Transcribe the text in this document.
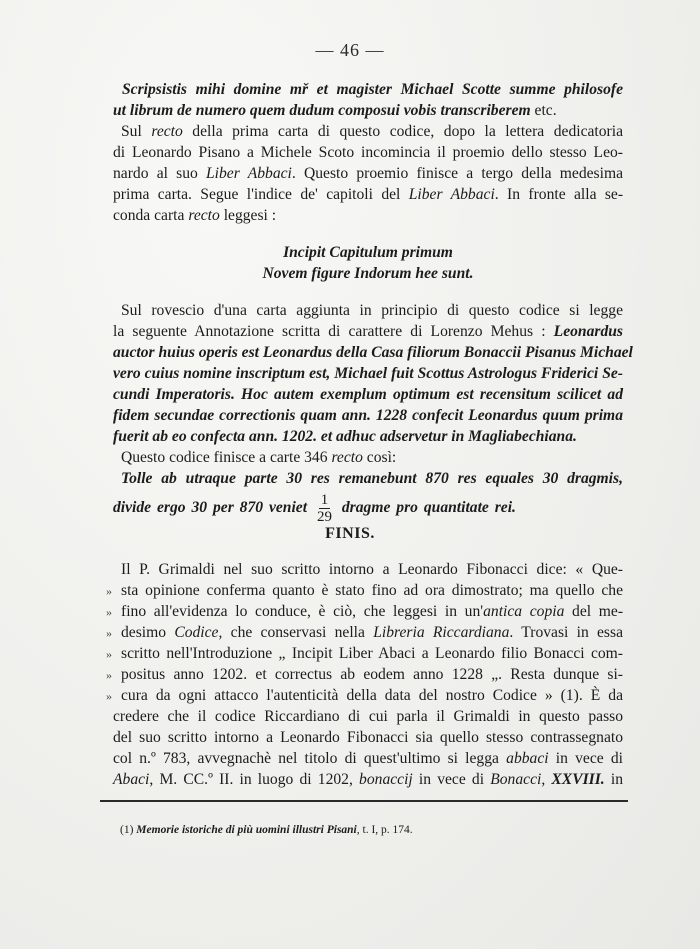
— 46 —
Scripsistis mihi domine mř et magister Michael Scotte summe philosofe
ut librum de numero quem dudum composui vobis transcriberem etc.
Sul recto della prima carta di questo codice, dopo la lettera dedicatoria
di Leonardo Pisano a Michele Scoto incomincia il proemio dello stesso Leo-
nardo al suo Liber Abbaci. Questo proemio finisce a tergo della medesima
prima carta. Segue l'indice de' capitoli del Liber Abbaci. In fronte alla se-
conda carta recto leggesi :
Incipit Capitulum primum
Novem figure Indorum hee sunt.
Sul rovescio d'una carta aggiunta in principio di questo codice si legge
la seguente Annotazione scritta di carattere di Lorenzo Mehus : Leonardus
auctor huius operis est Leonardus della Casa filiorum Bonaccii Pisanus Michael
vero cuius nomine inscriptum est, Michael fuit Scottus Astrologus Friderici Se-
cundi Imperatoris. Hoc autem exemplum optimum est recensitum scilicet ad
fidem secundae correctionis quam ann. 1228 confecit Leonardus quum prima
fuerit ab eo confecta ann. 1202. et adhuc adservetur in Magliabechiana.
Questo codice finisce a carte 346 recto così:
Tolle ab utraque parte 30 res remanebunt 870 res equales 30 dragmis,
divide ergo 30 per 870 veniet $\frac{1}{29}$ dragme pro quantitate rei.
FINIS.
Il P. Grimaldi nel suo scritto intorno a Leonardo Fibonacci dice: « Que-
» sta opinione conferma quanto è stato fino ad ora dimostrato; ma quello che
» fino all'evidenza lo conduce, è ciò, che leggesi in un'antica copia del me-
» desimo Codice, che conservasi nella Libreria Riccardiana. Trovasi in essa
» scritto nell'Introduzione „ Incipit Liber Abaci a Leonardo filio Bonacci com-
» positus anno 1202. et correctus ab eodem anno 1228 „. Resta dunque si-
» cura da ogni attacco l'autenticità della data del nostro Codice » (1). È da
credere che il codice Riccardiano di cui parla il Grimaldi in questo passo
del suo scritto intorno a Leonardo Fibonacci sia quello stesso contrassegnato
col n.º 783, avvegnachè nel titolo di quest'ultimo si legga abbaci in vece di
Abaci, M. CC.º II. in luogo di 1202, bonaccij in vece di Bonacci, XXVIII. in
(1) Memorie istoriche di più uomini illustri Pisani, t. I, p. 174.
